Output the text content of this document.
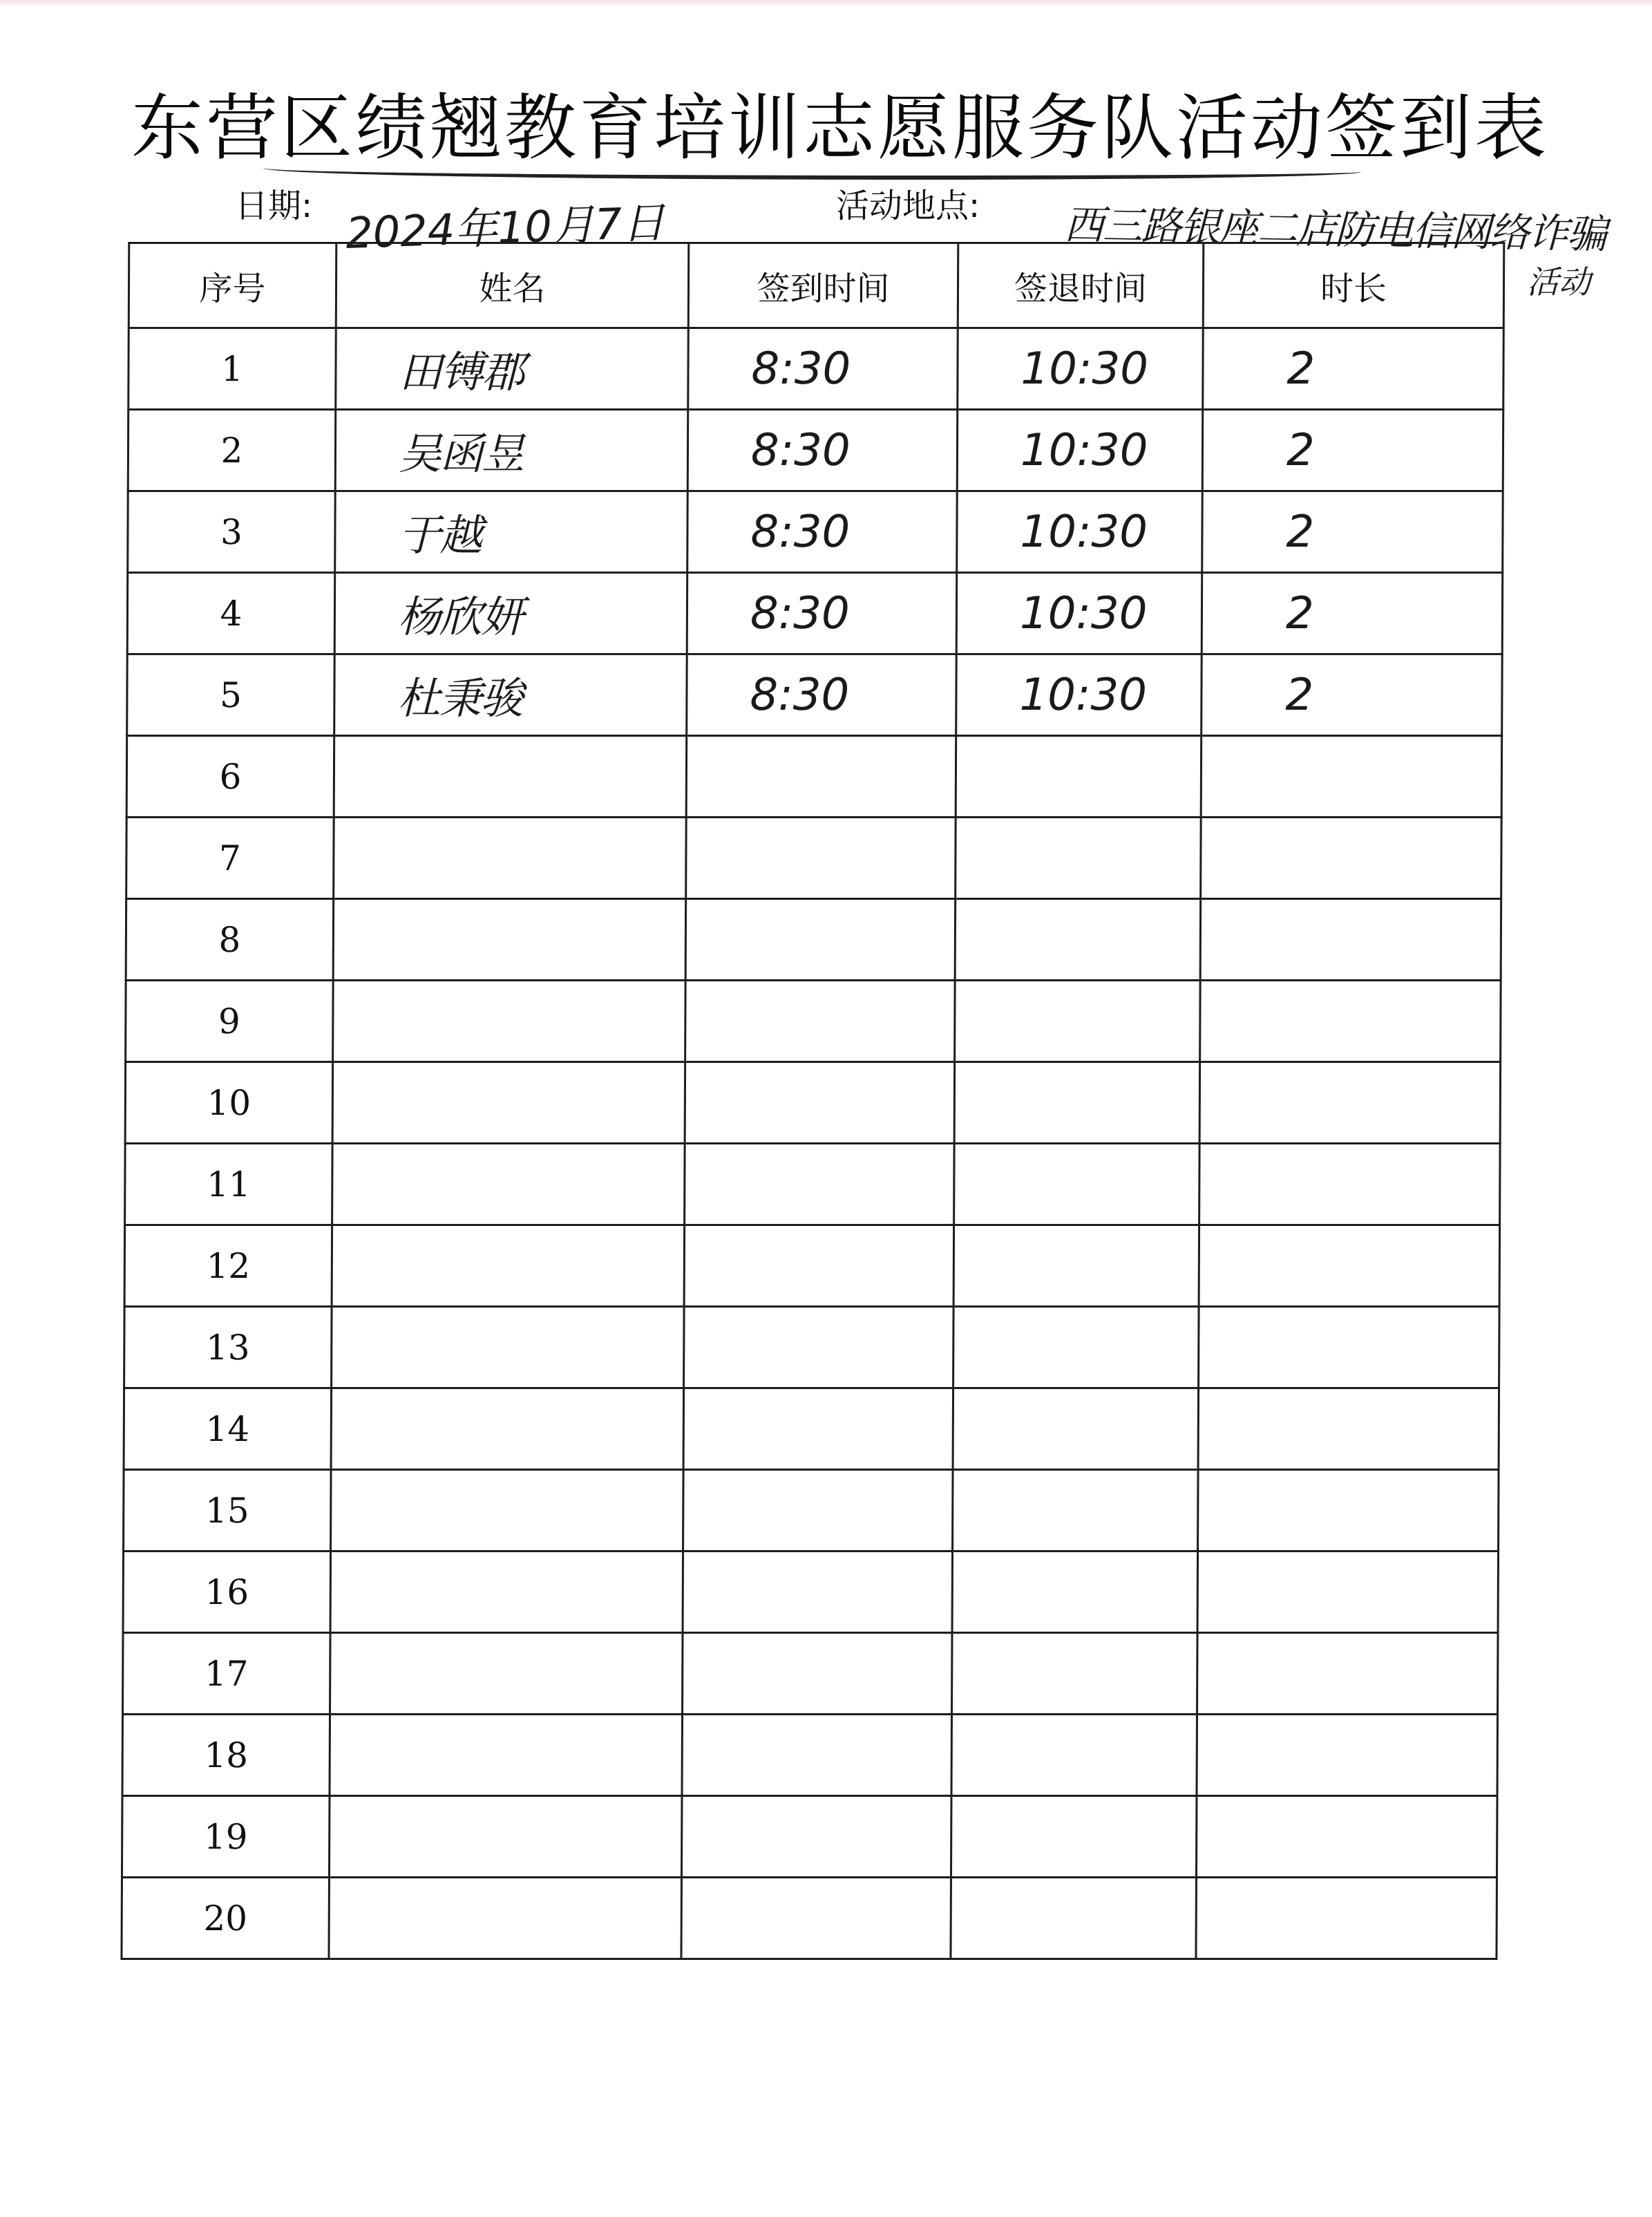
东营区绩翘教育培训志愿服务队活动签到表
日期: 2024年10月7日	活动地点: 西三路银座二店防电信网络诈骗
活动
序号	姓名	签到时间	签退时间	时长
1	田镈郡	8:30	10:30	2
2	吴函昱	8:30	10:30	2
3	于越	8:30	10:30	2
4	杨欣妍	8:30	10:30	2
5	杜秉骏	8:30	10:30	2
6				
7				
8				
9				
10				
11				
12				
13				
14				
15				
16				
17				
18				
19				
20				
